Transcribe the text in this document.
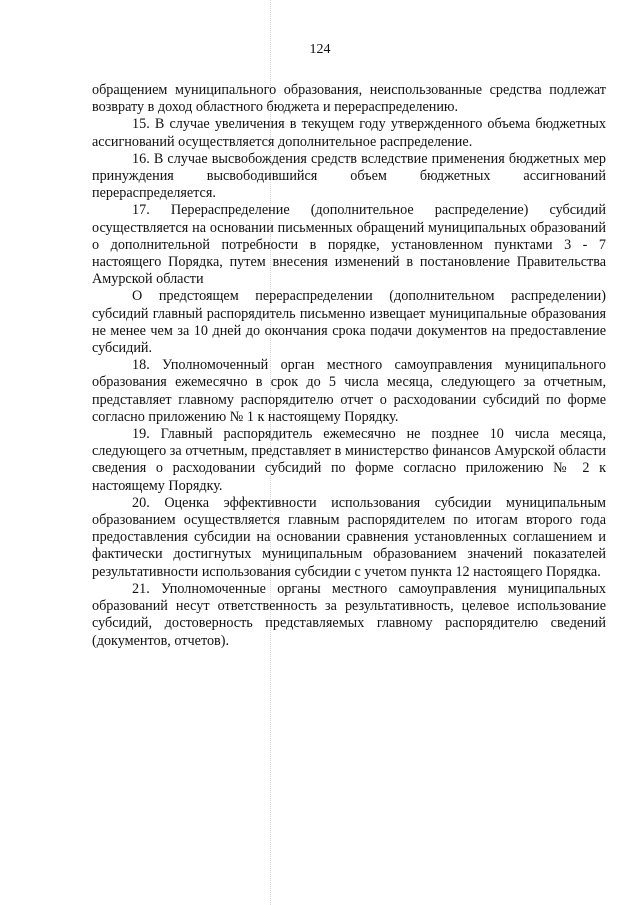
124

обращением муниципального образования, неиспользованные средства подлежат возврату в доход областного бюджета и перераспределению.

15. В случае увеличения в текущем году утвержденного объема бюджетных ассигнований осуществляется дополнительное распределение.

16. В случае высвобождения средств вследствие применения бюджетных мер принуждения высвободившийся объем бюджетных ассигнований перераспределяется.

17. Перераспределение (дополнительное распределение) субсидий осуществляется на основании письменных обращений муниципальных образований о дополнительной потребности в порядке, установленном пунктами 3 - 7 настоящего Порядка, путем внесения изменений в постановление Правительства Амурской области

О предстоящем перераспределении (дополнительном распределении) субсидий главный распорядитель письменно извещает муниципальные образования не менее чем за 10 дней до окончания срока подачи документов на предоставление субсидий.

18. Уполномоченный орган местного самоуправления муниципального образования ежемесячно в срок до 5 числа месяца, следующего за отчетным, представляет главному распорядителю отчет о расходовании субсидий по форме согласно приложению № 1 к настоящему Порядку.

19. Главный распорядитель ежемесячно не позднее 10 числа месяца, следующего за отчетным, представляет в министерство финансов Амурской области сведения о расходовании субсидий по форме согласно приложению № 2 к настоящему Порядку.

20. Оценка эффективности использования субсидии муниципальным образованием осуществляется главным распорядителем по итогам второго года предоставления субсидии на основании сравнения установленных соглашением и фактически достигнутых муниципальным образованием значений показателей результативности использования субсидии с учетом пункта 12 настоящего Порядка.

21. Уполномоченные органы местного самоуправления муниципальных образований несут ответственность за результативность, целевое использование субсидий, достоверность представляемых главному распорядителю сведений (документов, отчетов).
